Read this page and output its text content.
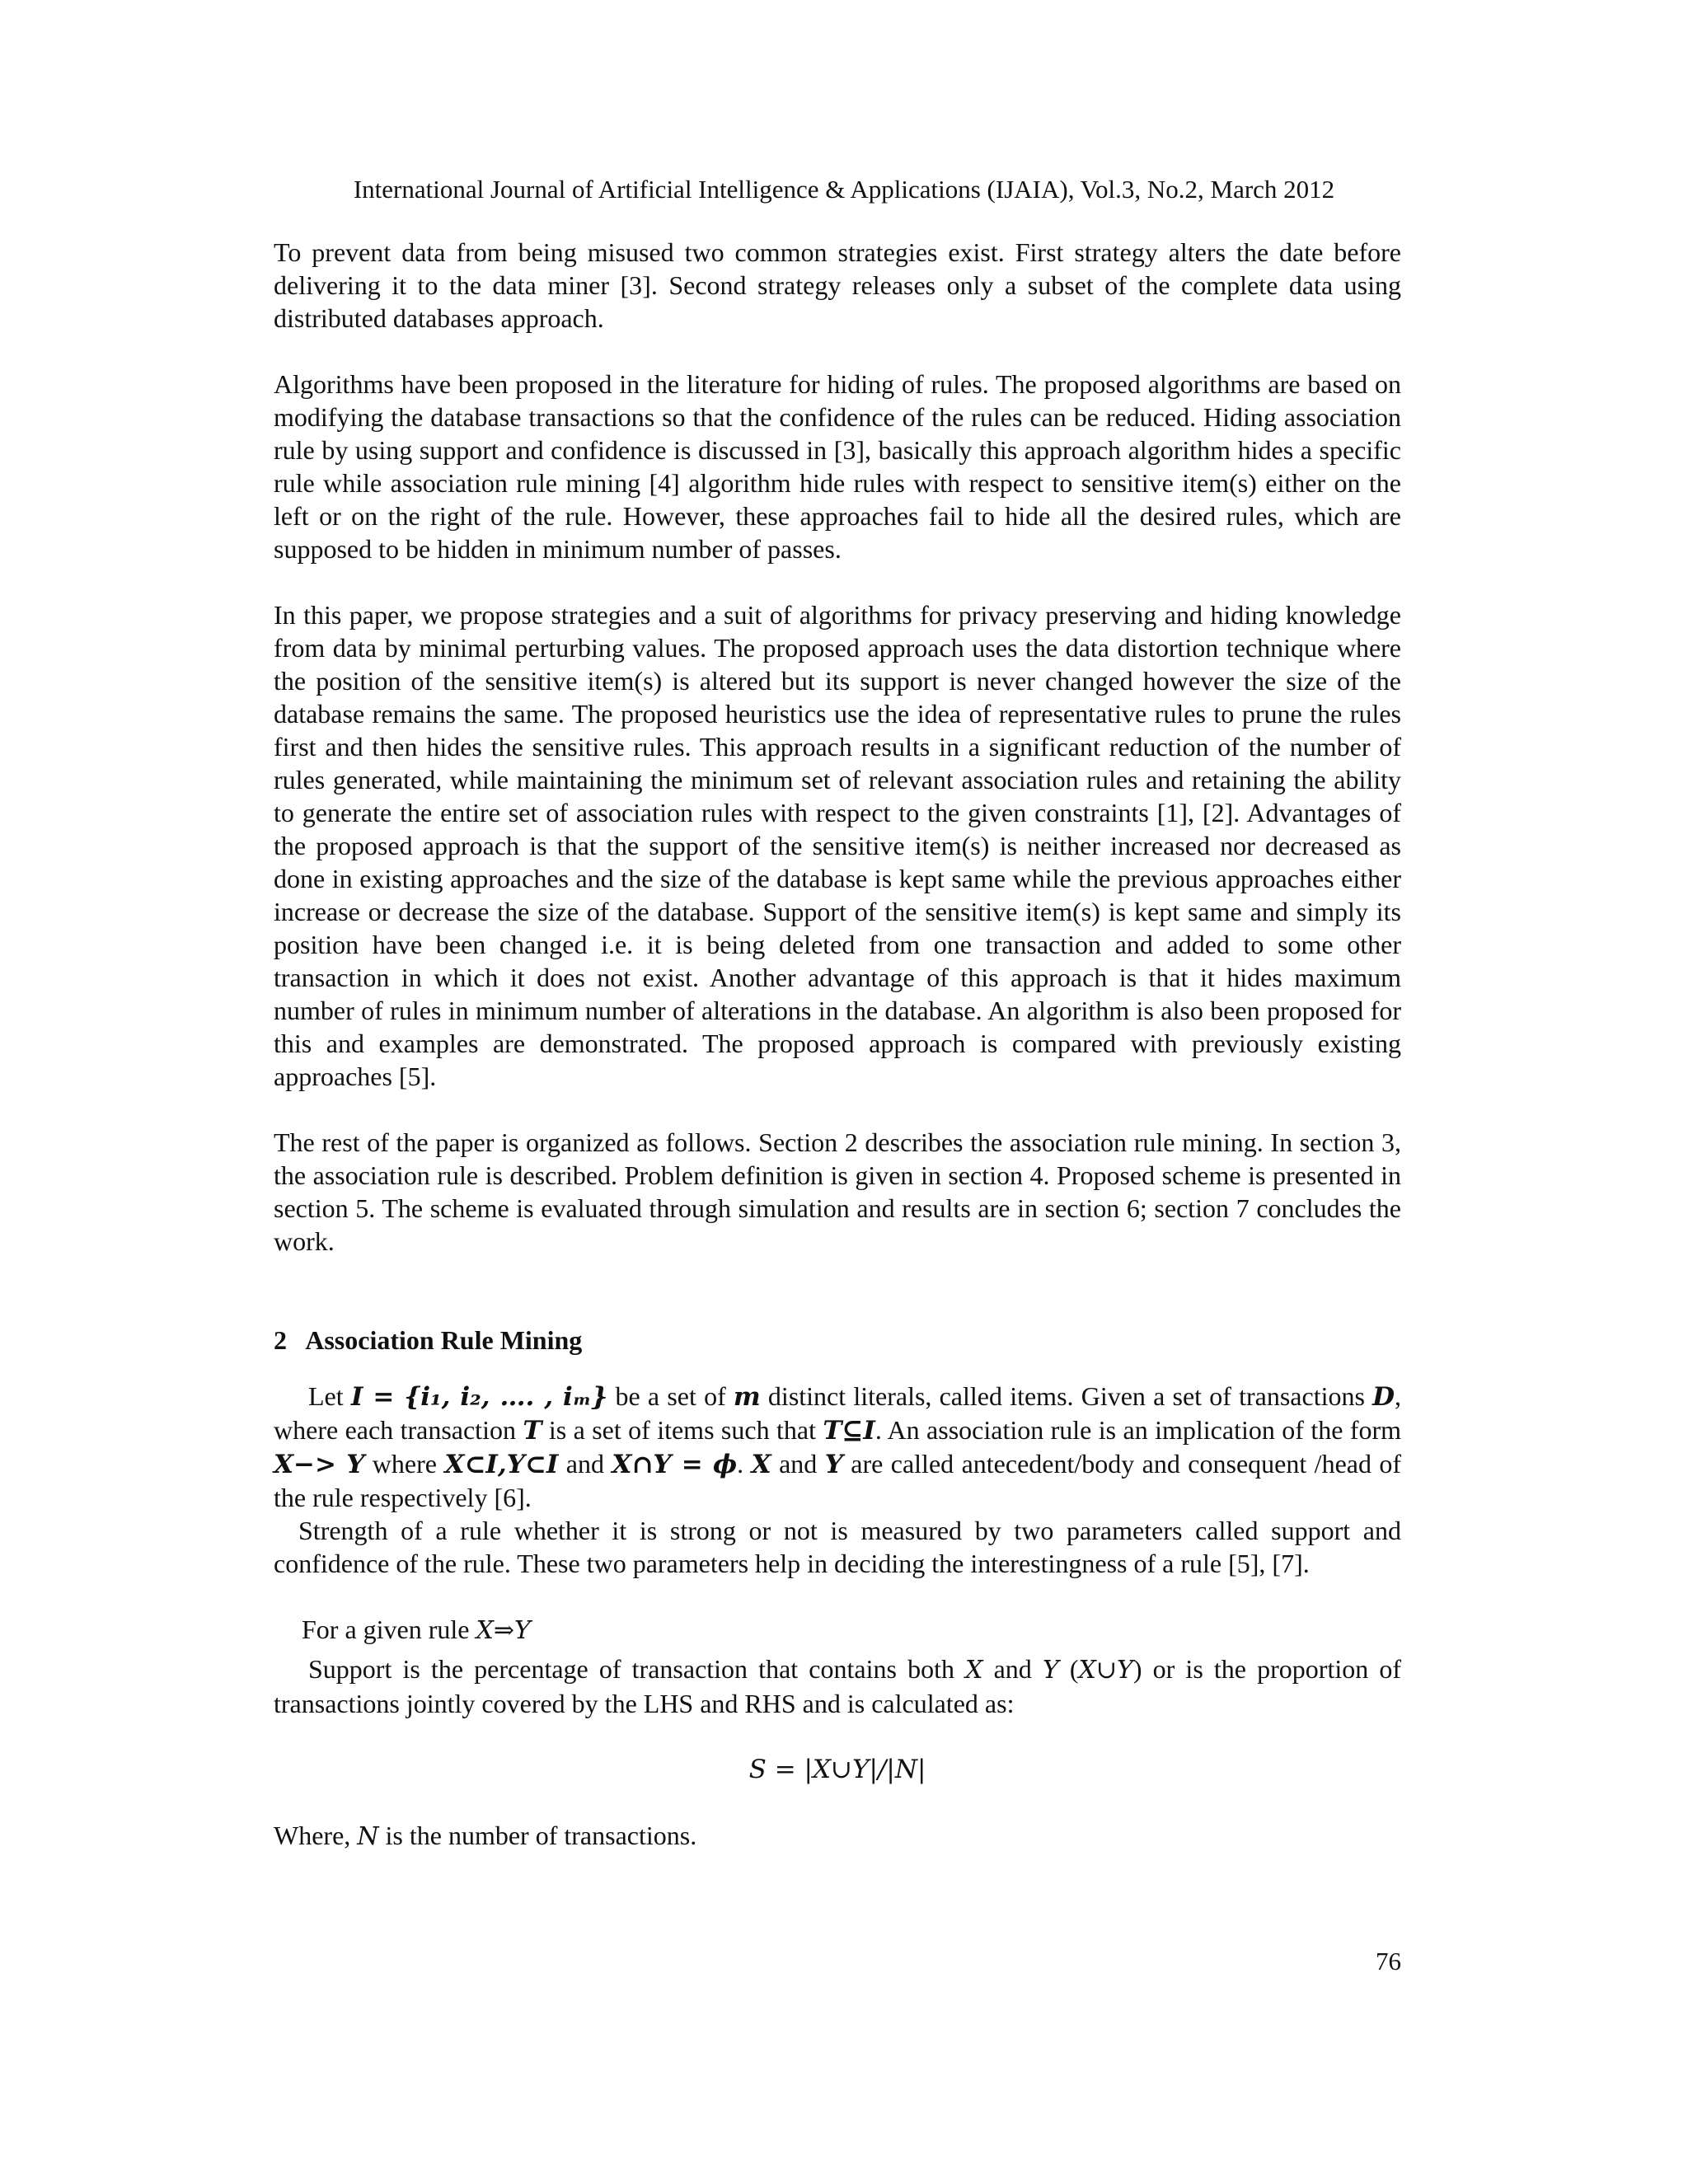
International Journal of Artificial Intelligence & Applications (IJAIA), Vol.3, No.2, March 2012

To prevent data from being misused two common strategies exist. First strategy alters the date before delivering it to the data miner [3]. Second strategy releases only a subset of the complete data using distributed databases approach.

Algorithms have been proposed in the literature for hiding of rules. The proposed algorithms are based on modifying the database transactions so that the confidence of the rules can be reduced. Hiding association rule by using support and confidence is discussed in [3], basically this approach algorithm hides a specific rule while association rule mining [4] algorithm hide rules with respect to sensitive item(s) either on the left or on the right of the rule. However, these approaches fail to hide all the desired rules, which are supposed to be hidden in minimum number of passes.

In this paper, we propose strategies and a suit of algorithms for privacy preserving and hiding knowledge from data by minimal perturbing values. The proposed approach uses the data distortion technique where the position of the sensitive item(s) is altered but its support is never changed however the size of the database remains the same. The proposed heuristics use the idea of representative rules to prune the rules first and then hides the sensitive rules. This approach results in a significant reduction of the number of rules generated, while maintaining the minimum set of relevant association rules and retaining the ability to generate the entire set of association rules with respect to the given constraints [1], [2]. Advantages of the proposed approach is that the support of the sensitive item(s) is neither increased nor decreased as done in existing approaches and the size of the database is kept same while the previous approaches either increase or decrease the size of the database. Support of the sensitive item(s) is kept same and simply its position have been changed i.e. it is being deleted from one transaction and added to some other transaction in which it does not exist. Another advantage of this approach is that it hides maximum number of rules in minimum number of alterations in the database. An algorithm is also been proposed for this and examples are demonstrated. The proposed approach is compared with previously existing approaches [5].

The rest of the paper is organized as follows. Section 2 describes the association rule mining. In section 3, the association rule is described. Problem definition is given in section 4. Proposed scheme is presented in section 5. The scheme is evaluated through simulation and results are in section 6; section 7 concludes the work.

2 Association Rule Mining

Let I = {i₁, i₂, …. , iₘ} be a set of m distinct literals, called items. Given a set of transactions D, where each transaction T is a set of items such that T⊆I. An association rule is an implication of the form X−> Y where X⊂I,Y⊂I and X∩Y = ϕ. X and Y are called antecedent/body and consequent /head of the rule respectively [6].

Strength of a rule whether it is strong or not is measured by two parameters called support and confidence of the rule. These two parameters help in deciding the interestingness of a rule [5], [7].

For a given rule X⇒Y

Support is the percentage of transaction that contains both X and Y (X∪Y) or is the proportion of transactions jointly covered by the LHS and RHS and is calculated as:

S = |X∪Y|/|N|

Where, N is the number of transactions.

76
